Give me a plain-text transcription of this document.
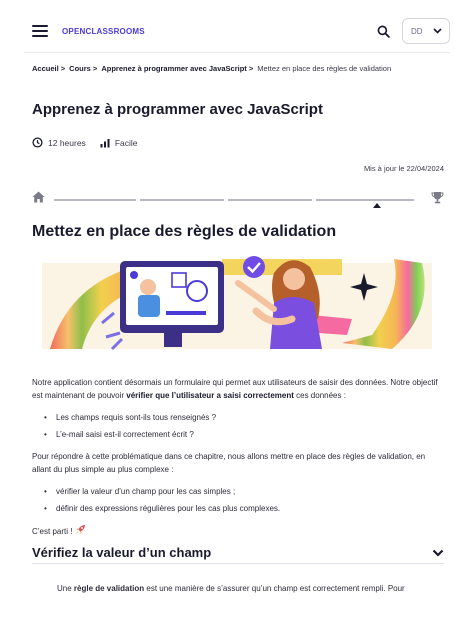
OPENCLASSROOMS	DD
Accueil > Cours > Apprenez à programmer avec JavaScript > Mettez en place des règles de validation
Apprenez à programmer avec JavaScript
12 heures	Facile
Mis à jour le 22/04/2024
Mettez en place des règles de validation

Notre application contient désormais un formulaire qui permet aux utilisateurs de saisir des données. Notre objectif est maintenant de pouvoir vérifier que l’utilisateur a saisi correctement ces données :

• Les champs requis sont-ils tous renseignés ?
• L’e-mail saisi est-il correctement écrit ?

Pour répondre à cette problématique dans ce chapitre, nous allons mettre en place des règles de validation, en allant du plus simple au plus complexe :

• vérifier la valeur d’un champ pour les cas simples ;
• définir des expressions régulières pour les cas plus complexes.

C’est parti !

Vérifiez la valeur d’un champ
Une règle de validation est une manière de s’assurer qu’un champ est correctement rempli. Pour
